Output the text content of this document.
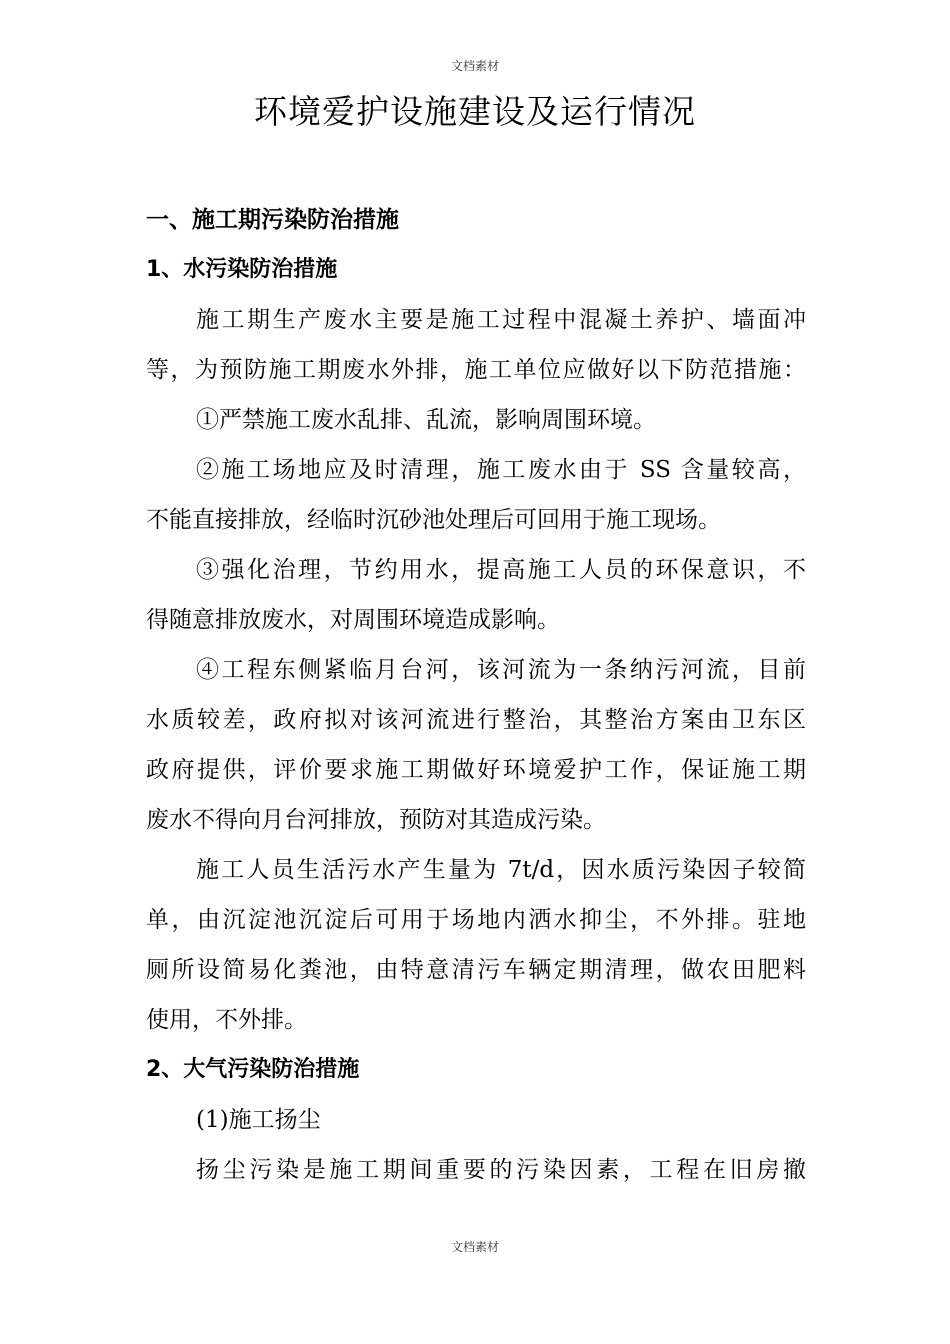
文档素材
环境爱护设施建设及运行情况
一、施工期污染防治措施
1、水污染防治措施
施工期生产废水主要是施工过程中混凝土养护、墙面冲
等，为预防施工期废水外排，施工单位应做好以下防范措施：
①严禁施工废水乱排、乱流，影响周围环境。
②施工场地应及时清理，施工废水由于 SS 含量较高，
不能直接排放，经临时沉砂池处理后可回用于施工现场。
③强化治理，节约用水，提高施工人员的环保意识，不
得随意排放废水，对周围环境造成影响。
④工程东侧紧临月台河，该河流为一条纳污河流，目前
水质较差，政府拟对该河流进行整治，其整治方案由卫东区
政府提供，评价要求施工期做好环境爱护工作，保证施工期
废水不得向月台河排放，预防对其造成污染。
施工人员生活污水产生量为 7t/d，因水质污染因子较简
单，由沉淀池沉淀后可用于场地内洒水抑尘，不外排。驻地
厕所设简易化粪池，由特意清污车辆定期清理，做农田肥料
使用，不外排。
2、大气污染防治措施
(1)施工扬尘
扬尘污染是施工期间重要的污染因素，工程在旧房撤
文档素材
